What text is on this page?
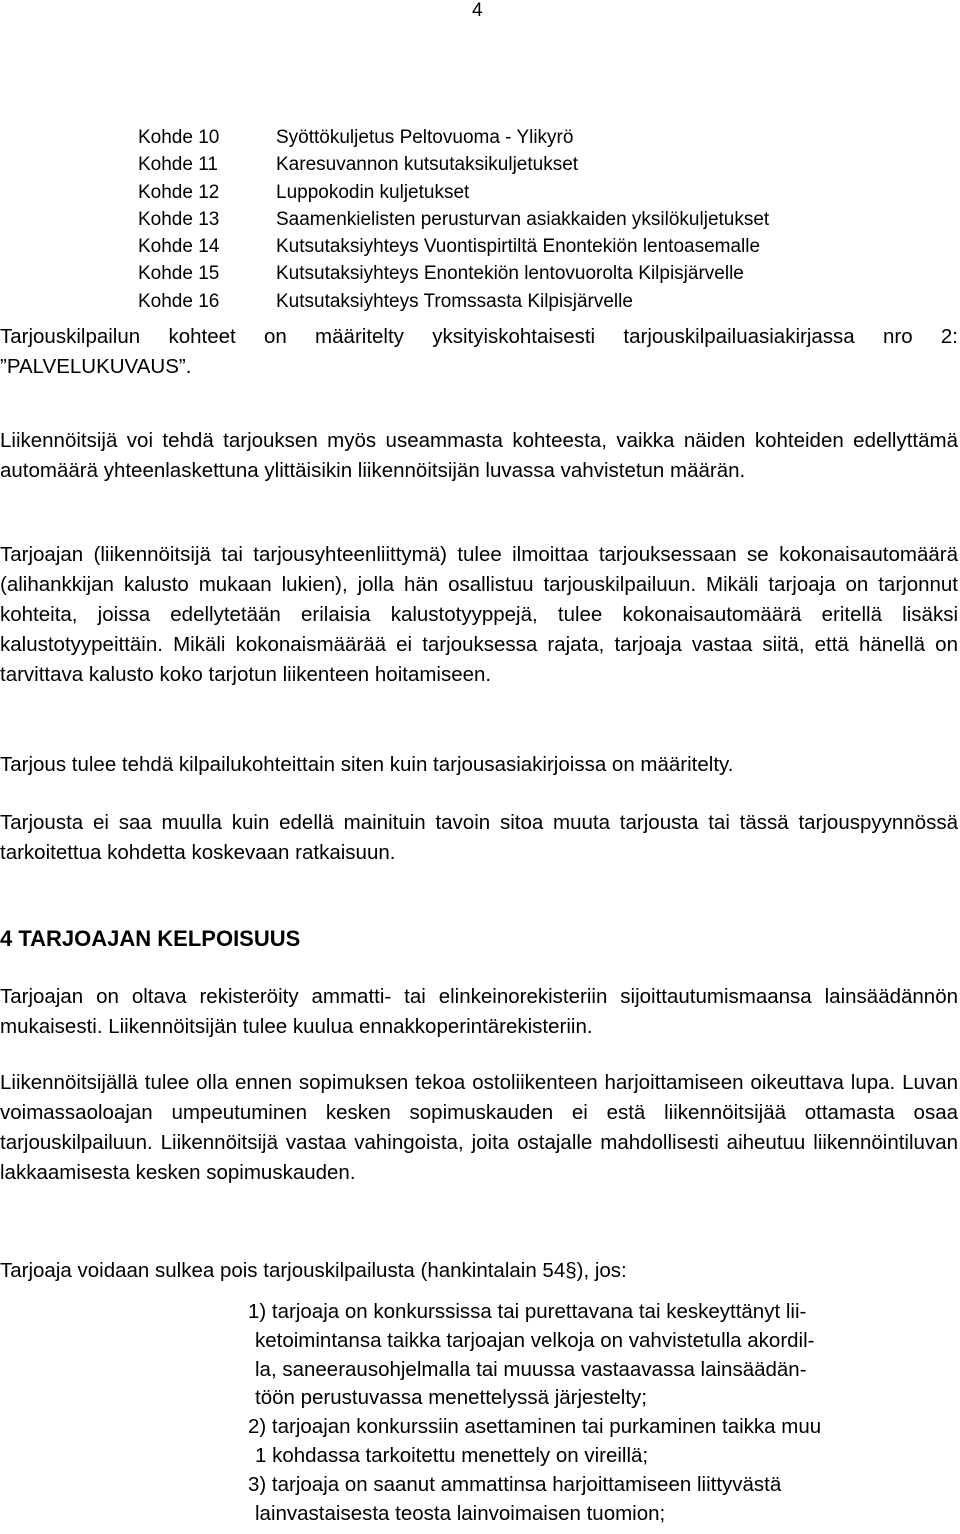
4
Kohde 10	Syöttökuljetus Peltovuoma - Ylikyrö
Kohde 11	Karesuvannon kutsutaksikuljetukset
Kohde 12	Luppokodin kuljetukset
Kohde 13	Saamenkielisten perusturvan asiakkaiden yksilökuljetukset
Kohde 14	Kutsutaksiyhteys Vuontispirtiltä Enontekiön lentoasemalle
Kohde 15	Kutsutaksiyhteys Enontekiön lentovuorolta Kilpisjärvelle
Kohde 16	Kutsutaksiyhteys Tromssasta Kilpisjärvelle

Tarjouskilpailun kohteet on määritelty yksityiskohtaisesti tarjouskilpailuasiakirjassa nro 2: ”PALVELUKUVAUS”.

Liikennöitsijä voi tehdä tarjouksen myös useammasta kohteesta, vaikka näiden kohteiden edellyttämä automäärä yhteenlaskettuna ylittäisikin liikennöitsijän luvassa vahvistetun määrän.

Tarjoajan (liikennöitsijä tai tarjousyhteenliittymä) tulee ilmoittaa tarjouksessaan se kokonaisautomäärä (alihankkijan kalusto mukaan lukien), jolla hän osallistuu tarjouskilpailuun. Mikäli tarjoaja on tarjonnut kohteita, joissa edellytetään erilaisia kalustotyyppejä, tulee kokonaisautomäärä eritellä lisäksi kalustotyypeittäin. Mikäli kokonaismäärää ei tarjouksessa rajata, tarjoaja vastaa siitä, että hänellä on tarvittava kalusto koko tarjotun liikenteen hoitamiseen.

Tarjous tulee tehdä kilpailukohteittain siten kuin tarjousasiakirjoissa on määritelty.

Tarjousta ei saa muulla kuin edellä mainituin tavoin sitoa muuta tarjousta tai tässä tarjouspyynnössä tarkoitettua kohdetta koskevaan ratkaisuun.

4 TARJOAJAN KELPOISUUS

Tarjoajan on oltava rekisteröity ammatti- tai elinkeinorekisteriin sijoittautumismaansa lainsäädännön mukaisesti. Liikennöitsijän tulee kuulua ennakkoperintärekisteriin.

Liikennöitsijällä tulee olla ennen sopimuksen tekoa ostoliikenteen harjoittamiseen oikeuttava lupa. Luvan voimassaoloajan umpeutuminen kesken sopimuskauden ei estä liikennöitsijää ottamasta osaa tarjouskilpailuun. Liikennöitsijä vastaa vahingoista, joita ostajalle mahdollisesti aiheutuu liikennöintiluvan lakkaamisesta kesken sopimuskauden.

Tarjoaja voidaan sulkea pois tarjouskilpailusta (hankintalain 54§), jos:

1) tarjoaja on konkurssissa tai purettavana tai keskeyttänyt lii-
ketoimintansa taikka tarjoajan velkoja on vahvistetulla akordil-
la, saneerausohjelmalla tai muussa vastaavassa lainsäädän-
töön perustuvassa menettelyssä järjestelty;
2) tarjoajan konkurssiin asettaminen tai purkaminen taikka muu
1 kohdassa tarkoitettu menettely on vireillä;
3) tarjoaja on saanut ammattinsa harjoittamiseen liittyvästä
lainvastaisesta teosta lainvoimaisen tuomion;
